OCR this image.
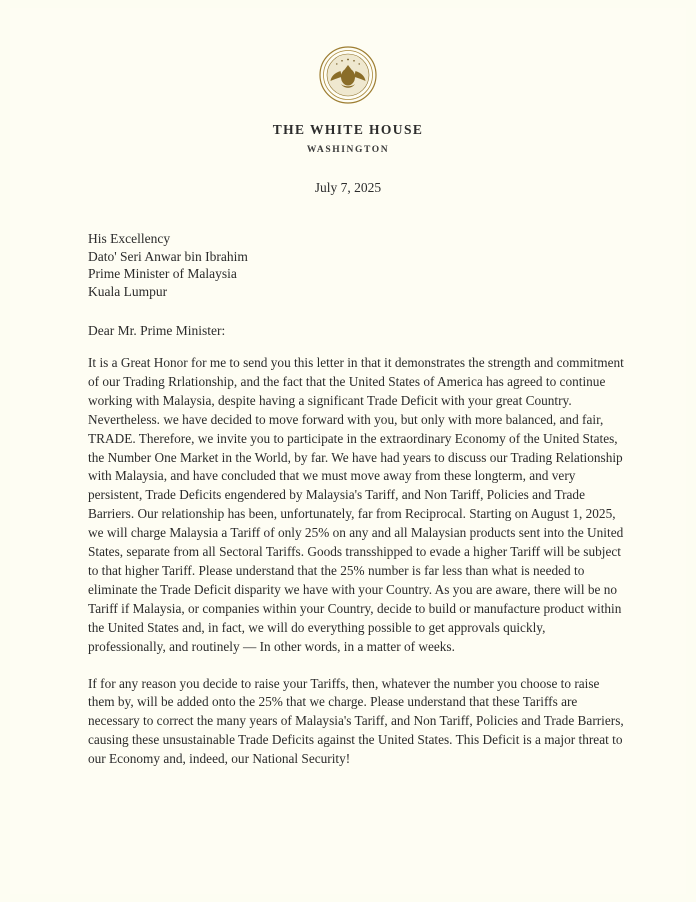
THE WHITE HOUSE
WASHINGTON
July 7, 2025
His Excellency
Dato' Seri Anwar bin Ibrahim
Prime Minister of Malaysia
Kuala Lumpur
Dear Mr. Prime Minister:

It is a Great Honor for me to send you this letter in that it demonstrates the strength and commitment of our Trading Rrlationship, and the fact that the United States of America has agreed to continue working with Malaysia, despite having a significant Trade Deficit with your great Country. Nevertheless. we have decided to move forward with you, but only with more balanced, and fair, TRADE. Therefore, we invite you to participate in the extraordinary Economy of the United States, the Number One Market in the World, by far. We have had years to discuss our Trading Relationship with Malaysia, and have concluded that we must move away from these longterm, and very persistent, Trade Deficits engendered by Malaysia's Tariff, and Non Tariff, Policies and Trade Barriers. Our relationship has been, unfortunately, far from Reciprocal. Starting on August 1, 2025, we will charge Malaysia a Tariff of only 25% on any and all Malaysian products sent into the United States, separate from all Sectoral Tariffs. Goods transshipped to evade a higher Tariff will be subject to that higher Tariff. Please understand that the 25% number is far less than what is needed to eliminate the Trade Deficit disparity we have with your Country. As you are aware, there will be no Tariff if Malaysia, or companies within your Country, decide to build or manufacture product within the United States and, in fact, we will do everything possible to get approvals quickly, professionally, and routinely — In other words, in a matter of weeks.

If for any reason you decide to raise your Tariffs, then, whatever the number you choose to raise them by, will be added onto the 25% that we charge. Please understand that these Tariffs are necessary to correct the many years of Malaysia's Tariff, and Non Tariff, Policies and Trade Barriers, causing these unsustainable Trade Deficits against the United States. This Deficit is a major threat to our Economy and, indeed, our National Security!
